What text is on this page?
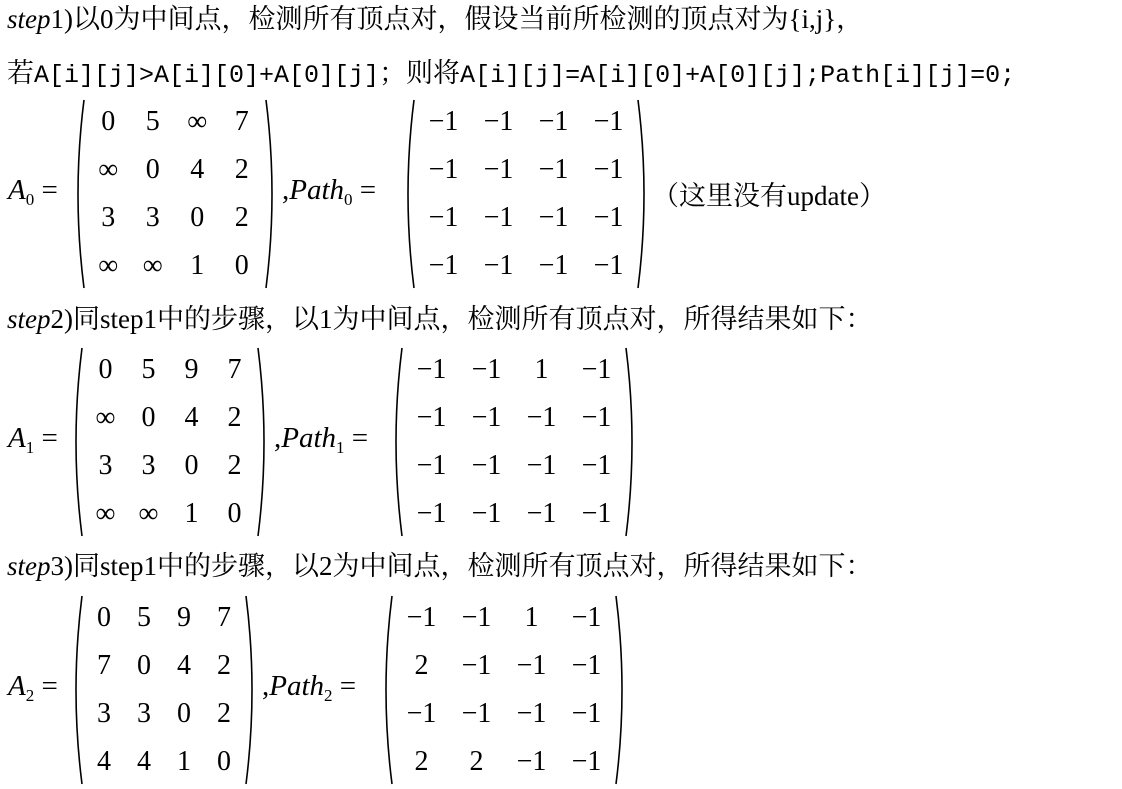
step1)以0为中间点，检测所有顶点对，假设当前所检测的顶点对为{i,j}，
若A[i][j]>A[i][0]+A[0][j]；则将A[i][j]=A[i][0]+A[0][j];Path[i][j]=0;
$A_0$ =
0	5 ∞ 7
∞ 0	4	2
3	3	0	2
∞ ∞ 1	0
,Path$_0$ =
−1 −1 −1 −1
−1 −1 −1 −1
−1 −1 −1 −1
−1 −1 −1 −1
（这里没有update）
step2)同step1中的步骤，以1为中间点，检测所有顶点对，所得结果如下：
$A_1$ =
0	5	9	7
∞ 0	4	2
3	3	0	2
∞ ∞ 1	0
,Path$_1$ =
−1 −1	1	−1
−1 −1 −1 −1
−1 −1 −1 −1
−1 −1 −1 −1
step3)同step1中的步骤，以2为中间点，检测所有顶点对，所得结果如下：
$A_2$ =
0 5 9 7
7 0 4 2
3 3 0 2
4 4 1 0
,Path$_2$ =
−1 −1	1	−1
2	−1 −1 −1
−1 −1 −1 −1
2	2	−1 −1
